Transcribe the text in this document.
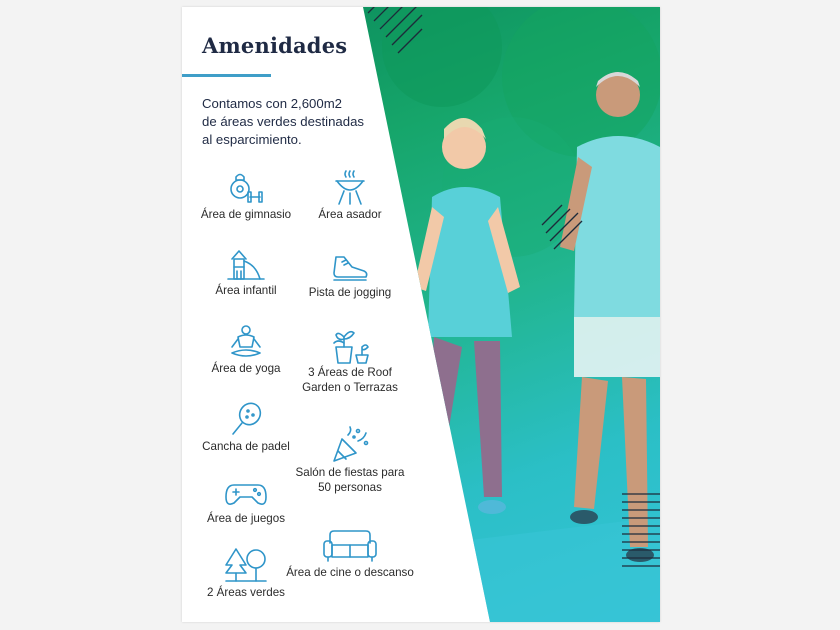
Amenidades
Contamos con 2,600m2
de áreas verdes destinadas
al esparcimiento.
Área de gimnasio
Área infantil
Área de yoga
Cancha de padel
Área de juegos
2 Áreas verdes
Área asador
Pista de jogging
3 Áreas de Roof
Garden o Terrazas
Salón de fiestas para
50 personas
Área de cine o descanso
